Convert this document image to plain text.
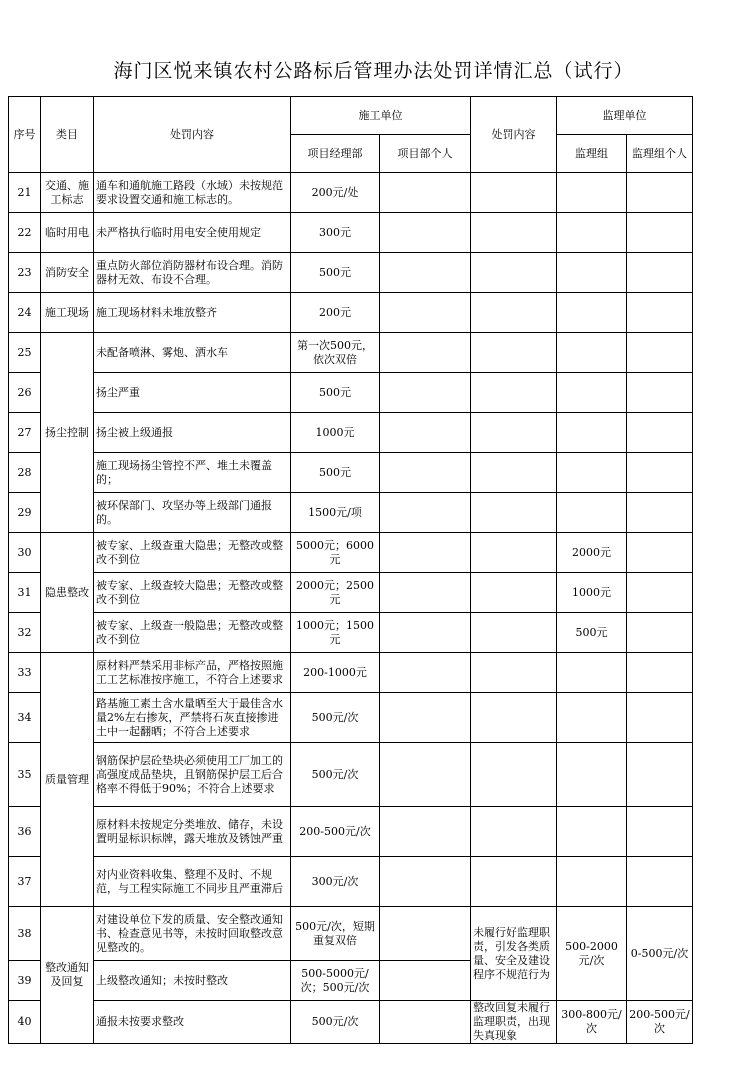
海门区悦来镇农村公路标后管理办法处罚详情汇总（试行）
序号	类目	处罚内容	施工单位		处罚内容	监理单位	
			项目经理部	项目部个人		监理组	监理组个人
21	交通、施工标志	通车和通航施工路段（水域）未按规范要求设置交通和施工标志的。	200元/处				
22	临时用电	未严格执行临时用电安全使用规定	300元				
23	消防安全	重点防火部位消防器材布设合理。消防器材无效、布设不合理。	500元				
24	施工现场	施工现场材料未堆放整齐	200元				
25	扬尘控制	未配备喷淋、雾炮、洒水车	第一次500元，依次双倍				
26		扬尘严重	500元				
27		扬尘被上级通报	1000元				
28		施工现场扬尘管控不严、堆土未覆盖的；	500元				
29		被环保部门、攻坚办等上级部门通报的。	1500元/项				
30	隐患整改	被专家、上级查重大隐患；无整改或整改不到位	5000元；6000元			2000元	
31		被专家、上级查较大隐患；无整改或整改不到位	2000元；2500元			1000元	
32		被专家、上级查一般隐患；无整改或整改不到位	1000元；1500元			500元	
33	质量管理	原材料严禁采用非标产品，严格按照施工工艺标准按序施工，不符合上述要求	200-1000元				
34		路基施工素土含水量晒至大于最佳含水量2%左右掺灰，严禁将石灰直接掺进土中一起翻晒；不符合上述要求	500元/次				
35		钢筋保护层砼垫块必须使用工厂加工的高强度成品垫块，且钢筋保护层工后合格率不得低于90%；不符合上述要求	500元/次				
36		原材料未按规定分类堆放、储存，未设置明显标识标牌，露天堆放及锈蚀严重	200-500元/次				
37		对内业资料收集、整理不及时、不规范，与工程实际施工不同步且严重滞后	300元/次				
38	整改通知及回复	对建设单位下发的质量、安全整改通知书、检查意见书等，未按时回取整改意见整改的。	500元/次，短期重复双倍		未履行好监理职责，引发各类质量、安全及建设程序不规范行为	500-2000元/次	0-500元/次
39		上级整改通知；未按时整改	500-5000元/次；500元/次				
40		通报未按要求整改	500元/次		整改回复未履行监理职责，出现失真现象	300-800元/次	200-500元/次
